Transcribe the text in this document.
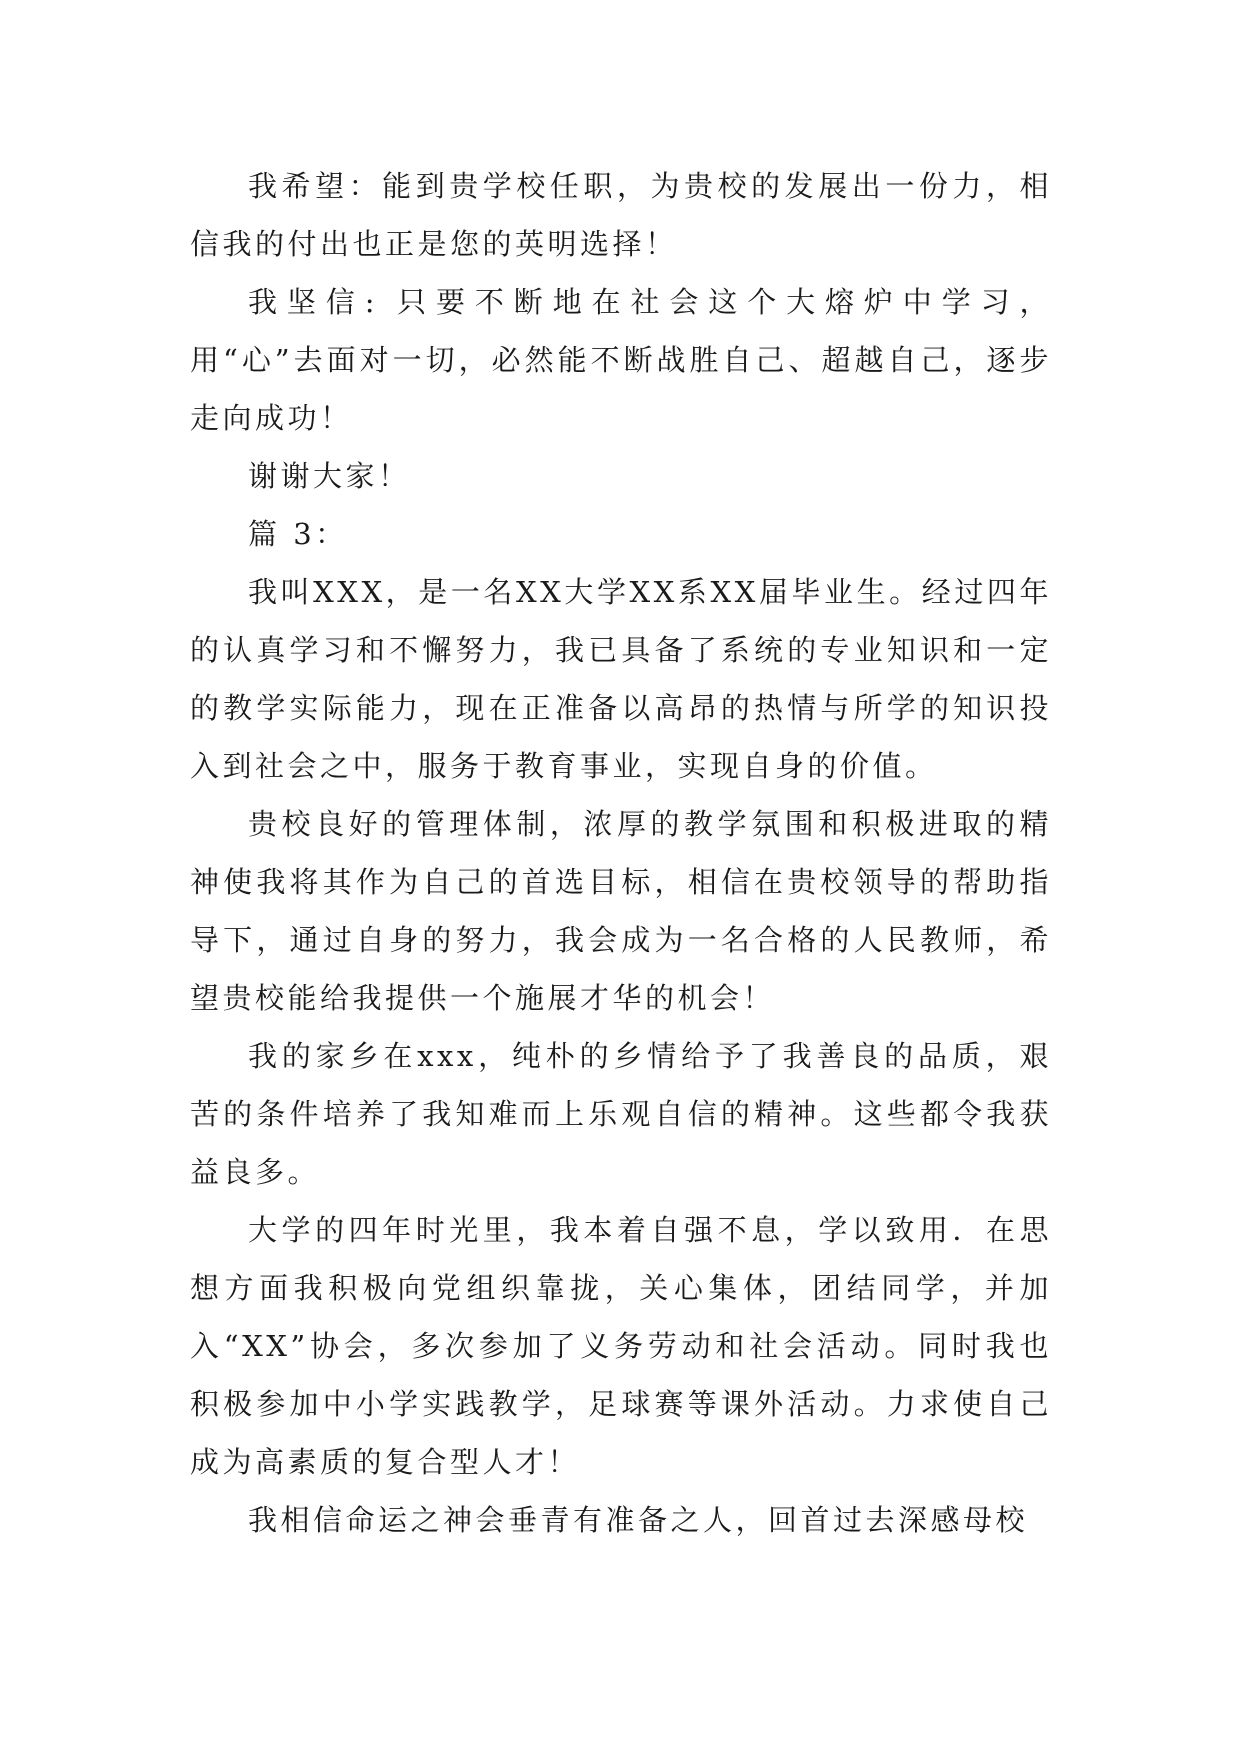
我希望：能到贵学校任职，为贵校的发展出一份力，相信我的付出也正是您的英明选择！

我坚信: 只要不断地在社会这个大熔炉中学习，用“心”去面对一切，必然能不断战胜自己、超越自己，逐步走向成功！

谢谢大家！

篇 3：

我叫XXX，是一名XX大学XX系XX届毕业生。经过四年的认真学习和不懈努力，我已具备了系统的专业知识和一定的教学实际能力，现在正准备以高昂的热情与所学的知识投入到社会之中，服务于教育事业，实现自身的价值。

贵校良好的管理体制，浓厚的教学氛围和积极进取的精神使我将其作为自己的首选目标，相信在贵校领导的帮助指导下，通过自身的努力，我会成为一名合格的人民教师，希望贵校能给我提供一个施展才华的机会！

我的家乡在xxx，纯朴的乡情给予了我善良的品质，艰苦的条件培养了我知难而上乐观自信的精神。这些都令我获益良多。

大学的四年时光里，我本着自强不息，学以致用．在思想方面我积极向党组织靠拢，关心集体，团结同学，并加入“XX”协会，多次参加了义务劳动和社会活动。同时我也积极参加中小学实践教学，足球赛等课外活动。力求使自己成为高素质的复合型人才！

我相信命运之神会垂青有准备之人，回首过去深感母校
